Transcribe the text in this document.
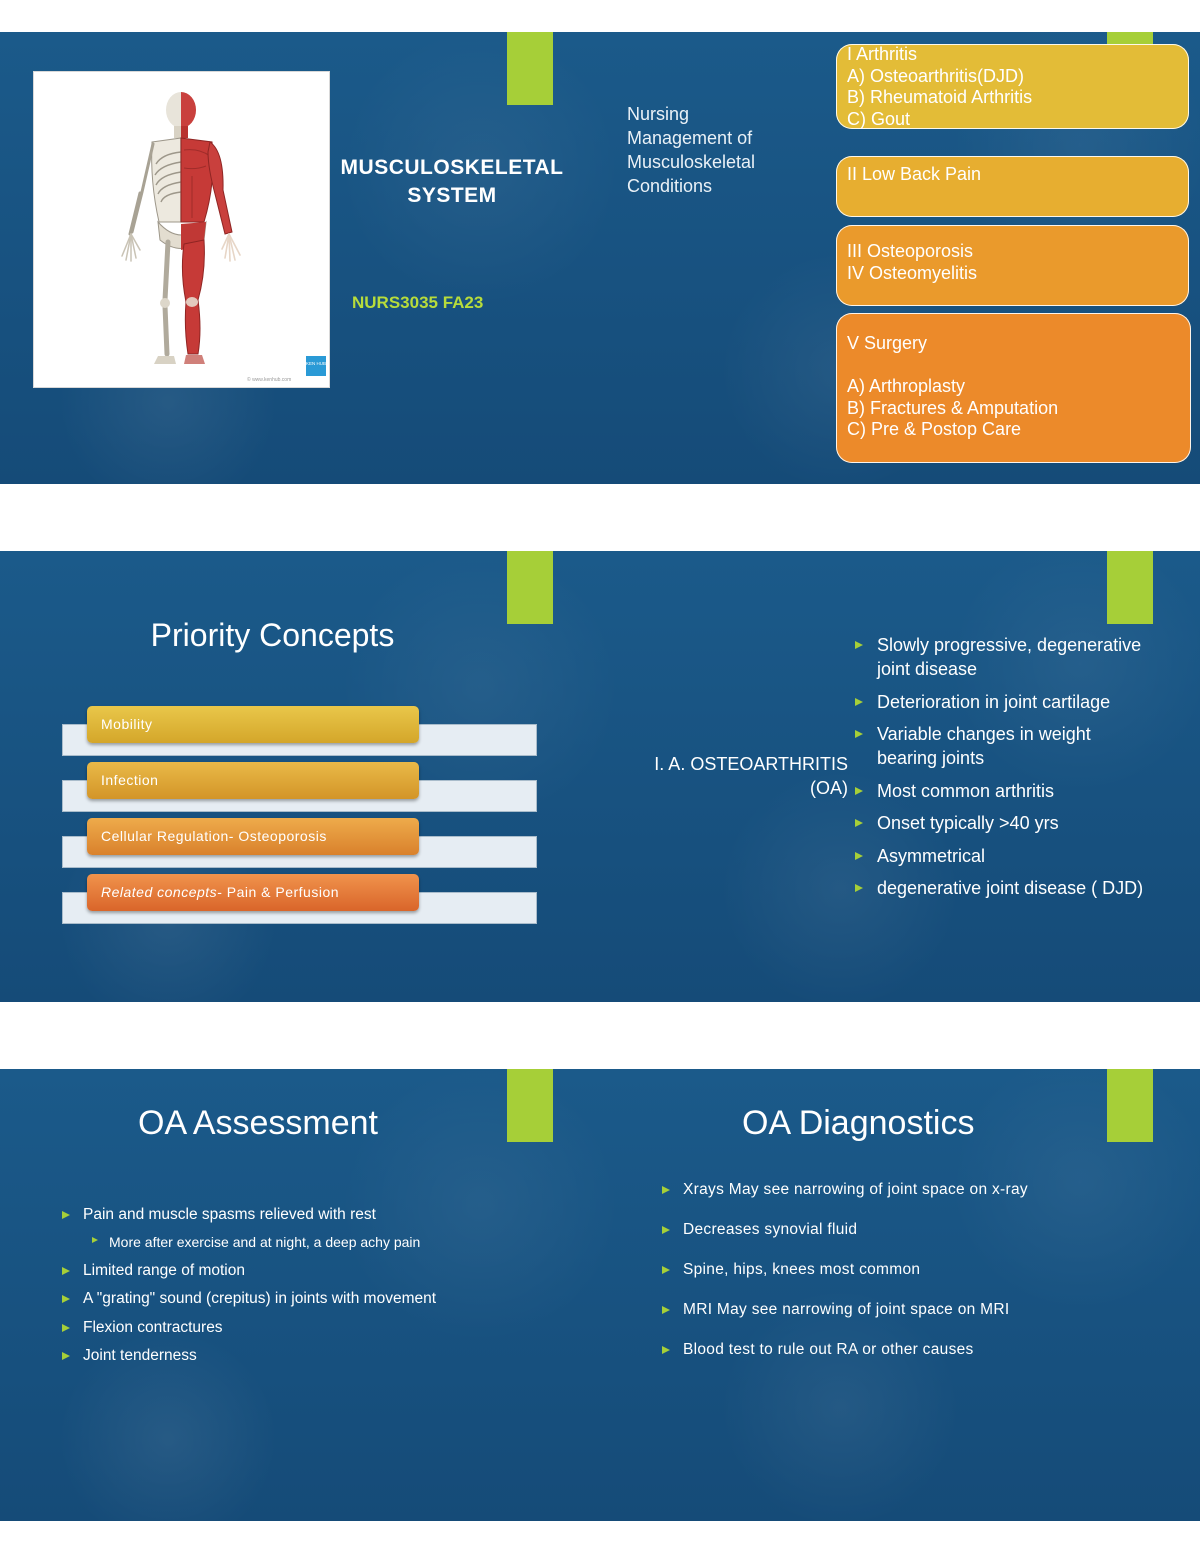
© www.kenhub.com
KEN HUB
MUSCULOSKELETAL
SYSTEM
NURS3035 FA23
Nursing
Management of
Musculoskeletal
Conditions
I Arthritis
A) Osteoarthritis(DJD)
B) Rheumatoid Arthritis
C) Gout
II Low Back Pain
III Osteoporosis
IV Osteomyelitis
V Surgery
A) Arthroplasty
B) Fractures & Amputation
C) Pre & Postop Care
Priority Concepts
Mobility
Infection
Cellular Regulation- Osteoporosis
Related concepts- Pain & Perfusion
I. A. OSTEOARTHRITIS
(OA)
Slowly progressive, degenerative joint disease
Deterioration in joint cartilage
Variable changes in weight bearing joints
Most common arthritis
Onset typically >40 yrs
Asymmetrical
degenerative joint disease ( DJD)
OA Assessment
Pain and muscle spasms relieved with rest
More after exercise and at night, a deep achy pain
Limited range of motion
A "grating" sound (crepitus) in joints with movement
Flexion contractures
Joint tenderness
OA Diagnostics
Xrays May see narrowing of joint space on x-ray
Decreases synovial fluid
Spine, hips, knees most common
MRI May see narrowing of joint space on MRI
Blood test to rule out RA or other causes
